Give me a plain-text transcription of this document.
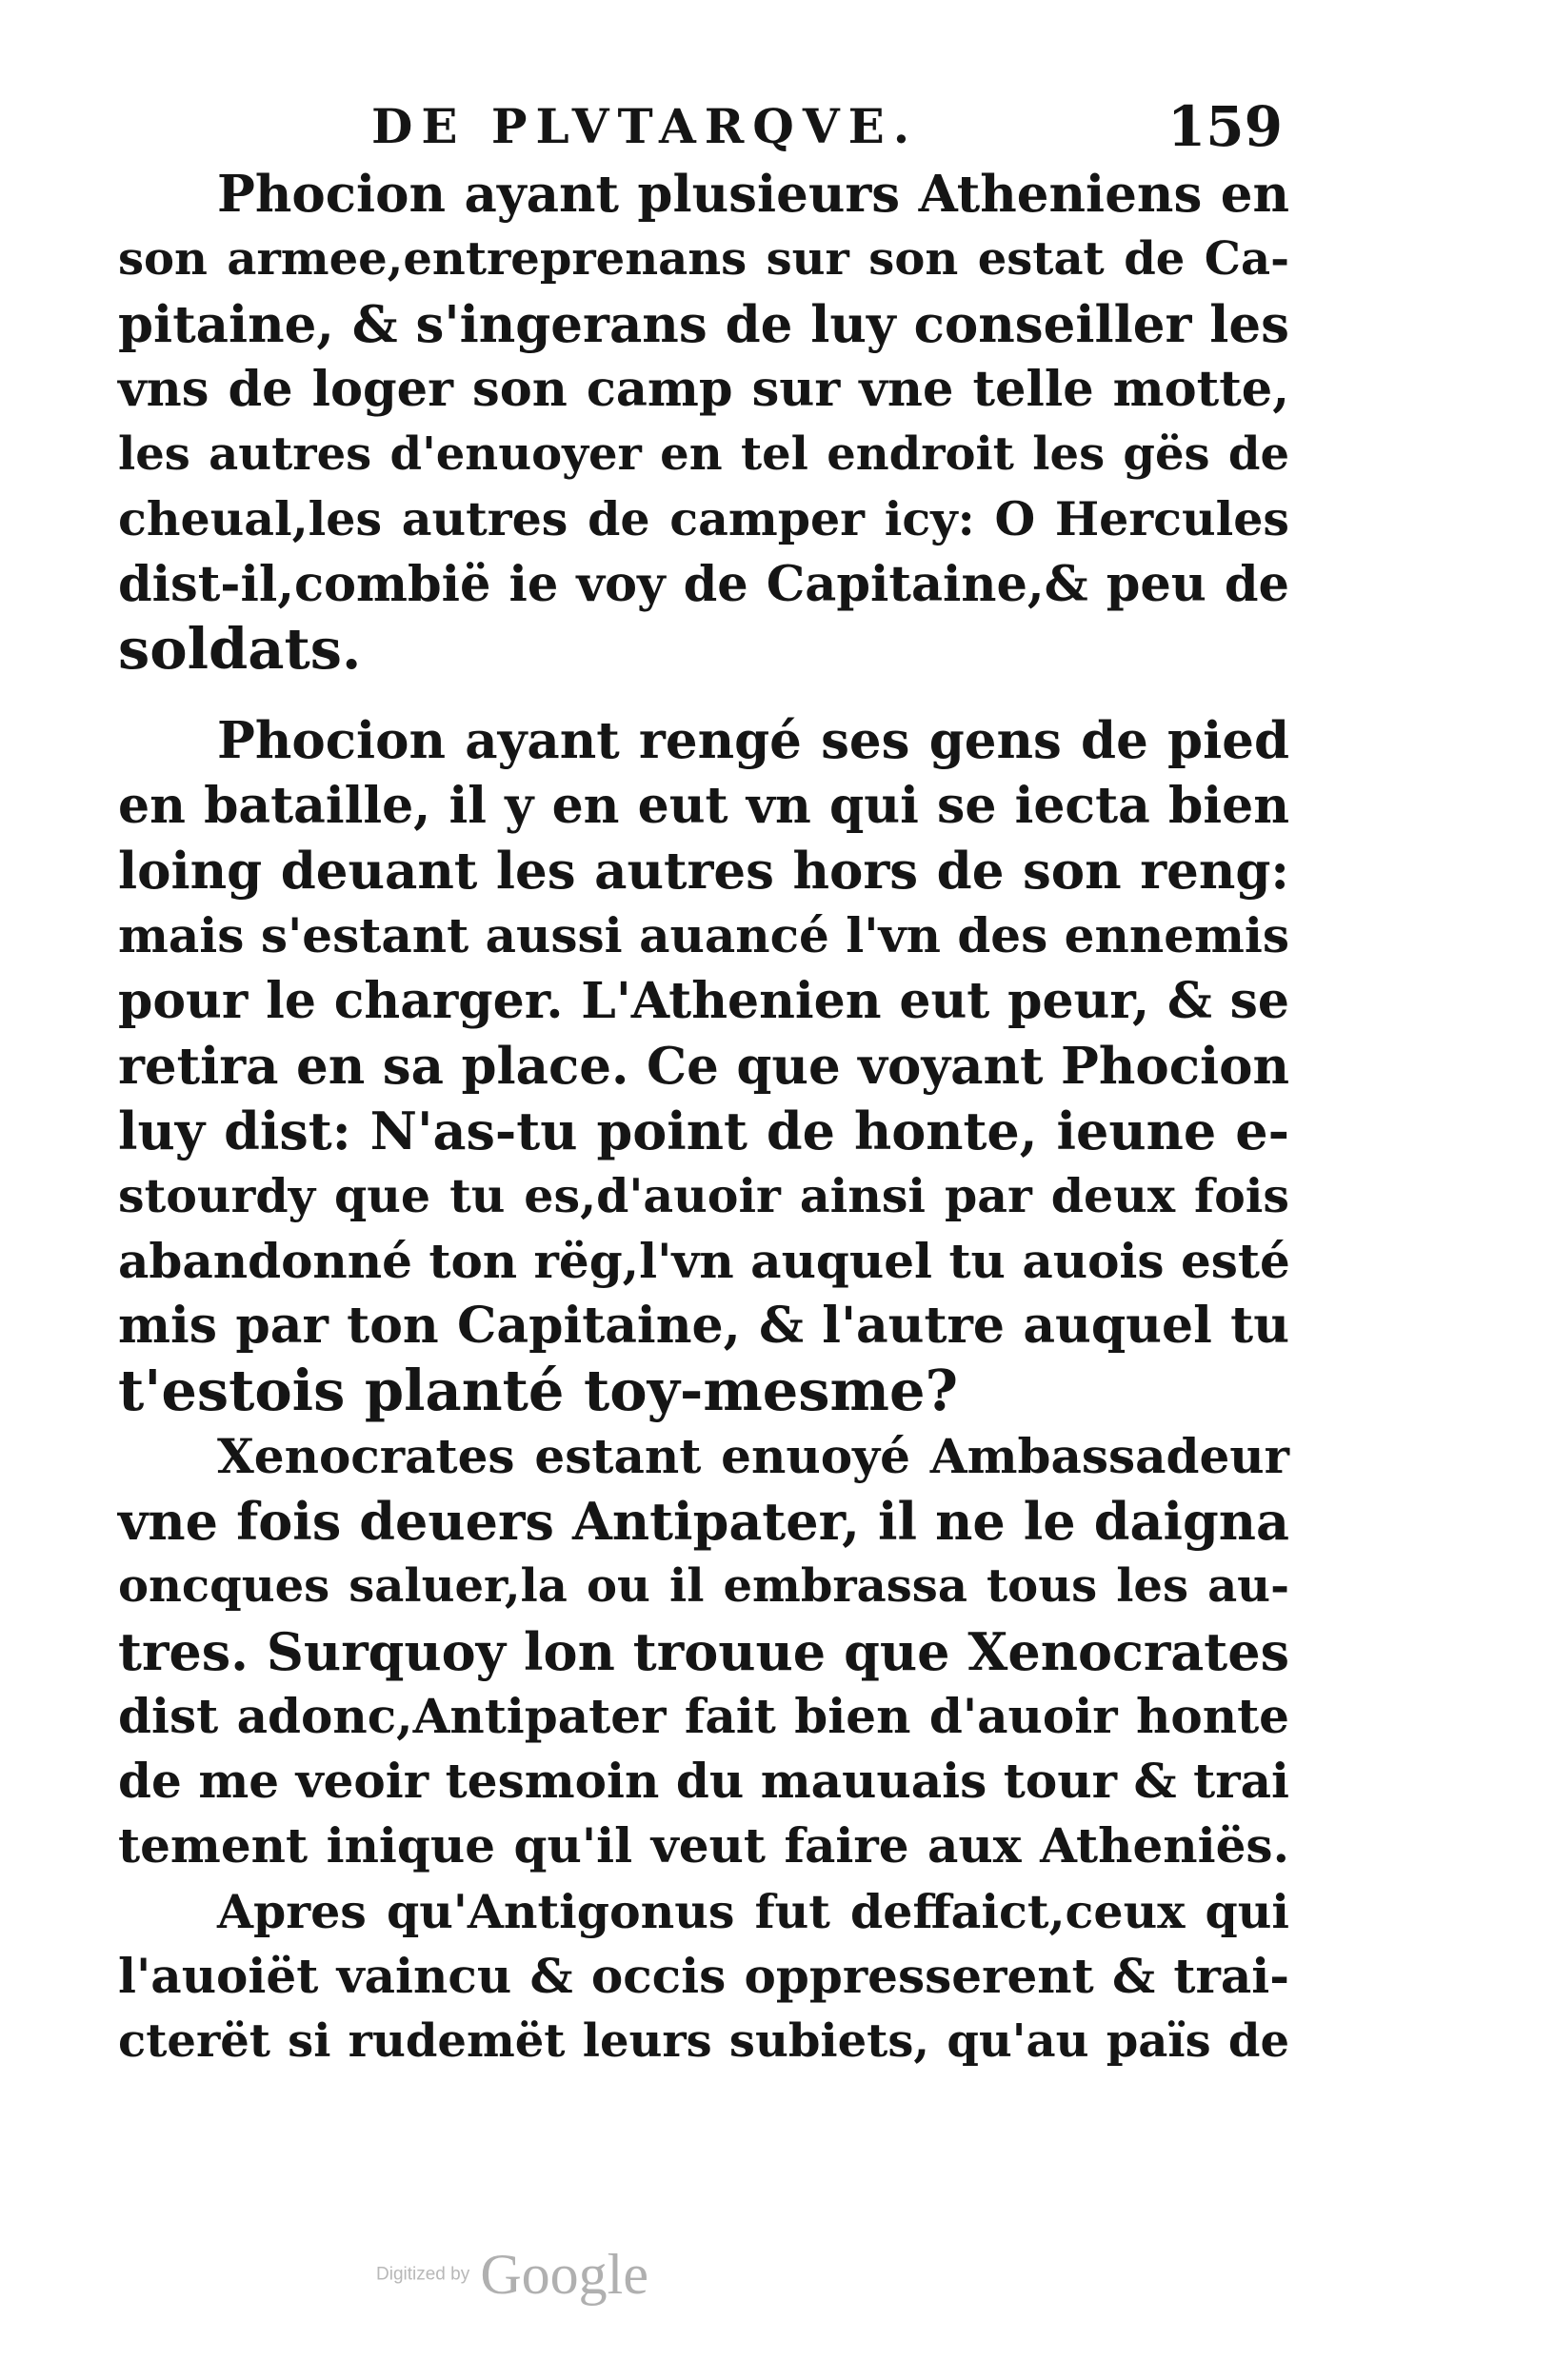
DE PLVTARQVE.	159
Phocion ayant plusieurs Atheniens en
son armee,entreprenans sur son estat de Ca-
pitaine, & s'ingerans de luy conseiller les
vns de loger son camp sur vne telle motte,
les autres d'enuoyer en tel endroit les gës de
cheual,les autres de camper icy: O Hercules
dist-il,combië ie voy de Capitaine,& peu de
soldats.
Phocion ayant rengé ses gens de pied
en bataille, il y en eut vn qui se iecta bien
loing deuant les autres hors de son reng:
mais s'estant aussi auancé l'vn des ennemis
pour le charger. L'Athenien eut peur, & se
retira en sa place. Ce que voyant Phocion
luy dist: N'as-tu point de honte, ieune e-
stourdy que tu es,d'auoir ainsi par deux fois
abandonné ton rëg,l'vn auquel tu auois esté
mis par ton Capitaine, & l'autre auquel tu
t'estois planté toy-mesme?
Xenocrates estant enuoyé Ambassadeur
vne fois deuers Antipater, il ne le daigna
oncques saluer,la ou il embrassa tous les au-
tres. Surquoy lon trouue que Xenocrates
dist adonc,Antipater fait bien d'auoir honte
de me veoir tesmoin du mauuais tour & trai
tement inique qu'il veut faire aux Atheniës.
Apres qu'Antigonus fut deffaict,ceux qui
l'auoiët vaincu & occis oppresserent & trai-
cterët si rudemët leurs subiets, qu'au païs de
Digitized by Google
